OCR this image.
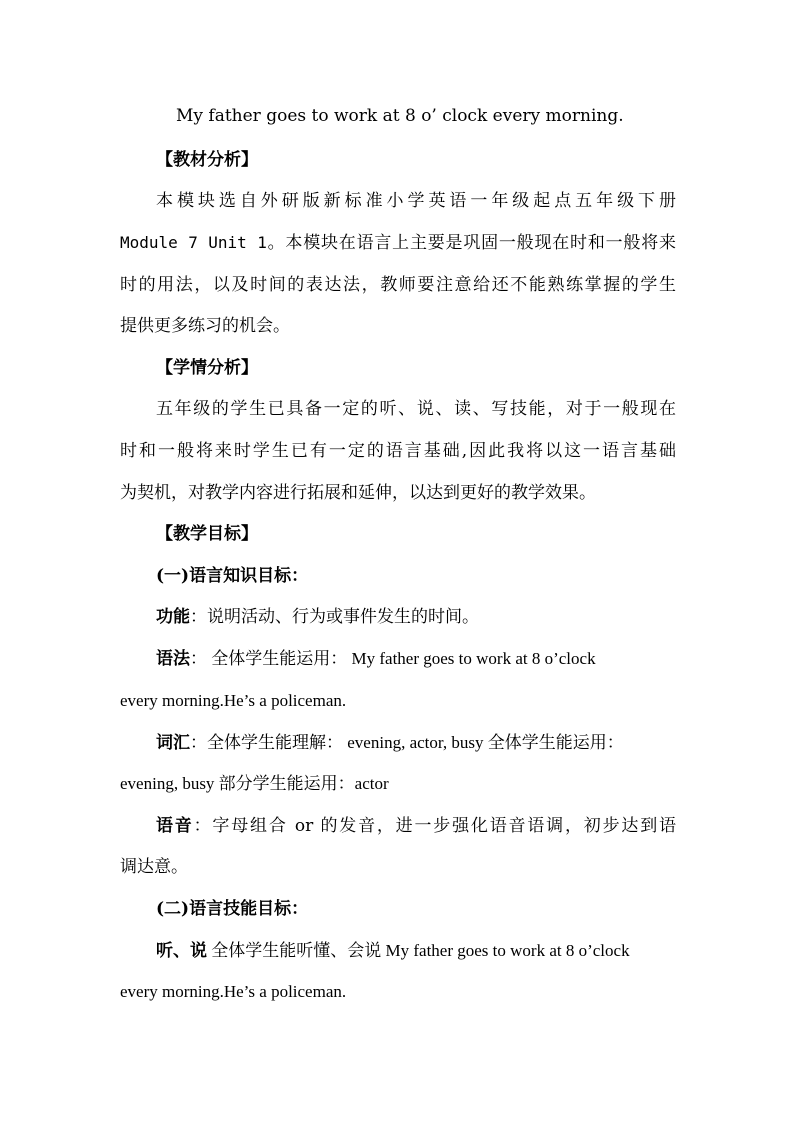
My father goes to work at 8 o’ clock every morning.
【教材分析】
本模块选自外研版新标准小学英语一年级起点五年级下册
Module 7 Unit 1。本模块在语言上主要是巩固一般现在时和一般将来
时的用法，以及时间的表达法，教师要注意给还不能熟练掌握的学生
提供更多练习的机会。
【学情分析】
五年级的学生已具备一定的听、说、读、写技能，对于一般现在
时和一般将来时学生已有一定的语言基础,因此我将以这一语言基础
为契机，对教学内容进行拓展和延伸，以达到更好的教学效果。
【教学目标】
(一)语言知识目标：
功能：说明活动、行为或事件发生的时间。
语法： 全体学生能运用： My father goes to work at 8 o’clock
every morning.He’s a policeman.
词汇：全体学生能理解： evening, actor, busy 全体学生能运用：
evening, busy 部分学生能运用：actor
语音：字母组合 or 的发音，进一步强化语音语调，初步达到语
调达意。
(二)语言技能目标：
听、说 全体学生能听懂、会说 My father goes to work at 8 o’clock
every morning.He’s a policeman.
